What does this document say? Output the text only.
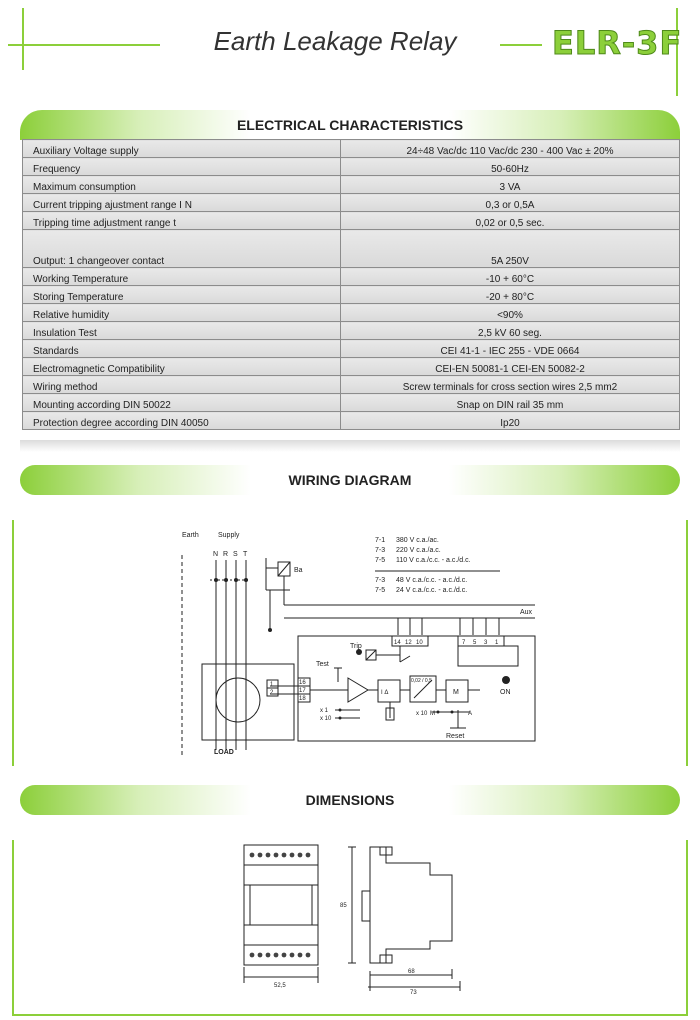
Earth Leakage Relay	ELR-3F
ELECTRICAL CHARACTERISTICS
Auxiliary Voltage supply	24÷48 Vac/dc 110 Vac/dc 230 - 400 Vac ± 20%
Frequency	50-60Hz
Maximum consumption	3 VA
Current tripping ajustment range I N	0,3 or 0,5A
Tripping time adjustment range t	0,02 or 0,5 sec.
Output: 1 changeover contact	5A 250V
Working Temperature	-10 + 60°C
Storing Temperature	-20 + 80°C
Relative humidity	<90%
Insulation Test	2,5 kV 60 seg.
Standards	CEI 41-1 - IEC 255 - VDE 0664
Electromagnetic Compatibility	CEI-EN 50081-1 CEI-EN 50082-2
Wiring method	Screw terminals for cross section wires 2,5 mm2
Mounting according DIN 50022	Snap on DIN rail 35 mm
Protection degree according DIN 40050	Ip20
WIRING DIAGRAM
Earth	Supply
N R S T
Ba
Aux
LOAD
7-1 380 V c.a./ac.
7-3 220 V c.a./a.c.
7-5 110 V c.a./c.c. - a.c./d.c.
7-3 48 V c.a./c.c. - a.c./d.c.
7-5 24 V c.a./c.c. - a.c./d.c.
14 12 10	7 5 3 1
1
2
16
17
18
Test
Trip
ON
Reset
I Δ
0,02 / 0,5
M
x 1
x 10
x 10 M	A
DIMENSIONS
52,5
85
68
73
